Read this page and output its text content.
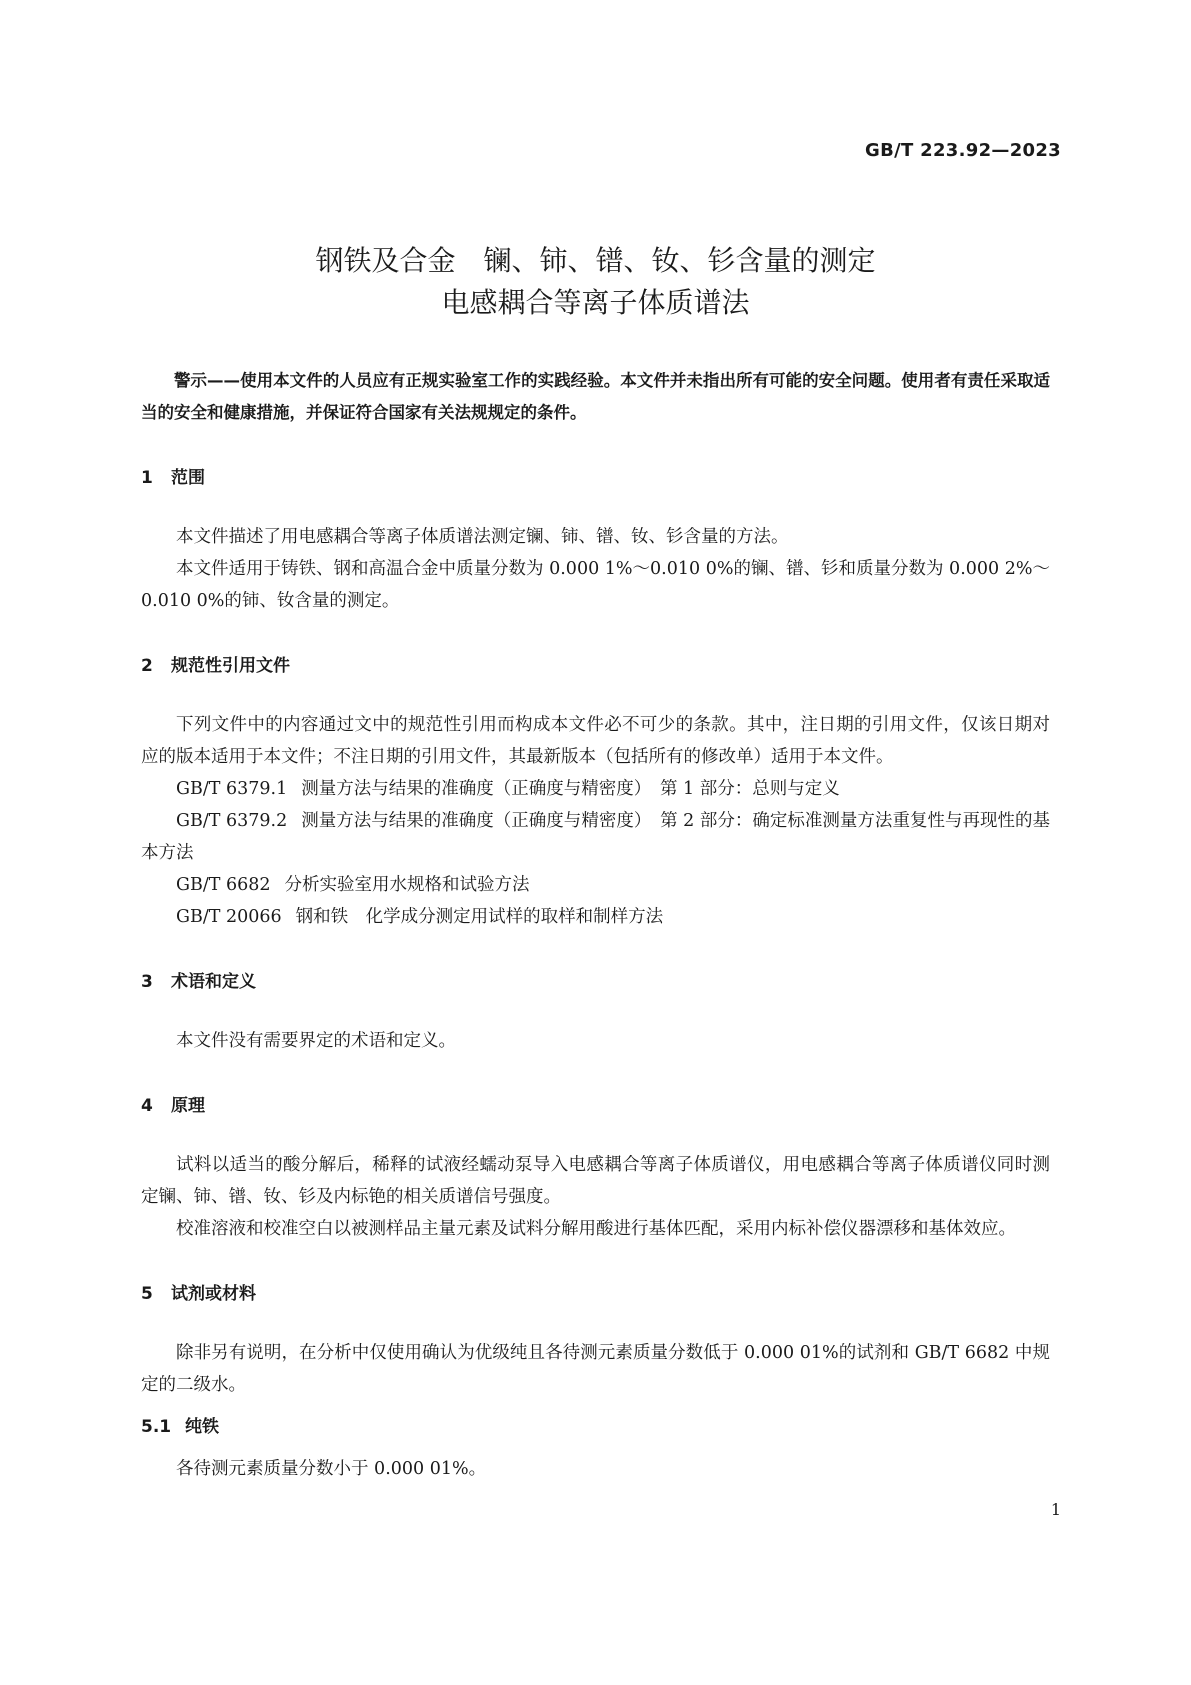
GB/T 223.92—2023
钢铁及合金　镧、铈、镨、钕、钐含量的测定
电感耦合等离子体质谱法

警示——使用本文件的人员应有正规实验室工作的实践经验。本文件并未指出所有可能的安全问题。使用者有责任采取适当的安全和健康措施，并保证符合国家有关法规规定的条件。

1 范围

本文件描述了用电感耦合等离子体质谱法测定镧、铈、镨、钕、钐含量的方法。

本文件适用于铸铁、钢和高温合金中质量分数为 0.000 1%～0.010 0%的镧、镨、钐和质量分数为 0.000 2%～0.010 0%的铈、钕含量的测定。

2 规范性引用文件

下列文件中的内容通过文中的规范性引用而构成本文件必不可少的条款。其中，注日期的引用文件，仅该日期对应的版本适用于本文件；不注日期的引用文件，其最新版本（包括所有的修改单）适用于本文件。

GB/T 6379.1 测量方法与结果的准确度（正确度与精密度）　第 1 部分：总则与定义
GB/T 6379.2 测量方法与结果的准确度（正确度与精密度）　第 2 部分：确定标准测量方法重复性与再现性的基本方法
GB/T 6682 分析实验室用水规格和试验方法
GB/T 20066 钢和铁　化学成分测定用试样的取样和制样方法
3 术语和定义

本文件没有需要界定的术语和定义。

4 原理

试料以适当的酸分解后，稀释的试液经蠕动泵导入电感耦合等离子体质谱仪，用电感耦合等离子体质谱仪同时测定镧、铈、镨、钕、钐及内标铯的相关质谱信号强度。

校准溶液和校准空白以被测样品主量元素及试料分解用酸进行基体匹配，采用内标补偿仪器漂移和基体效应。

5 试剂或材料

除非另有说明，在分析中仅使用确认为优级纯且各待测元素质量分数低于 0.000 01%的试剂和 GB/T 6682 中规定的二级水。

5.1 纯铁

各待测元素质量分数小于 0.000 01%。

1
